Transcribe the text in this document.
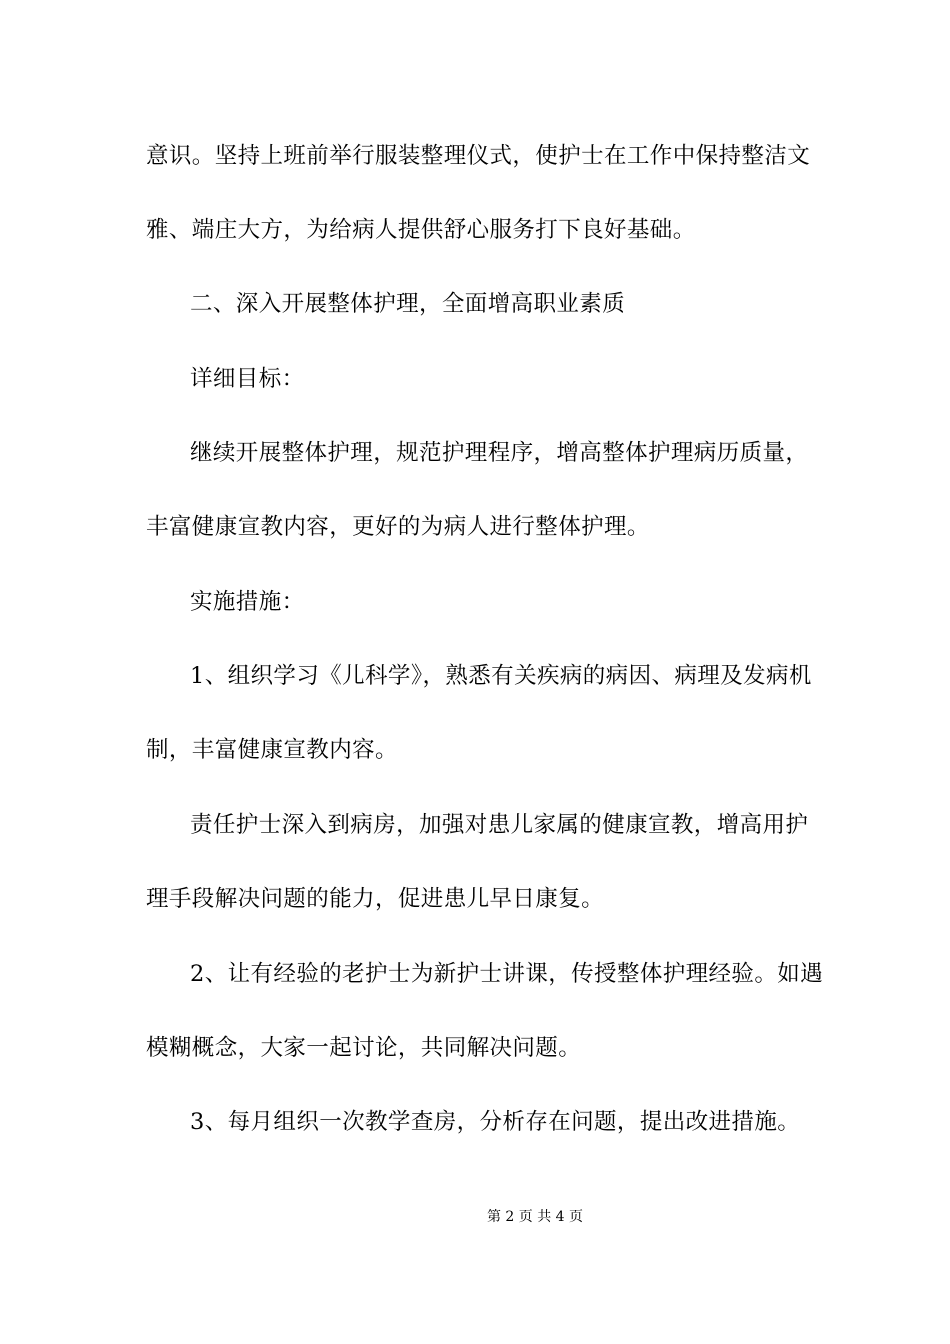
意识。坚持上班前举行服装整理仪式，使护士在工作中保持整洁文
雅、端庄大方，为给病人提供舒心服务打下良好基础。
二、深入开展整体护理，全面增高职业素质
详细目标：
继续开展整体护理，规范护理程序，增高整体护理病历质量，
丰富健康宣教内容，更好的为病人进行整体护理。
实施措施：
1、组织学习《儿科学》，熟悉有关疾病的病因、病理及发病机
制，丰富健康宣教内容。
责任护士深入到病房，加强对患儿家属的健康宣教，增高用护
理手段解决问题的能力，促进患儿早日康复。
2、让有经验的老护士为新护士讲课，传授整体护理经验。如遇
模糊概念，大家一起讨论，共同解决问题。
3、每月组织一次教学查房，分析存在问题，提出改进措施。
第 2 页 共 4 页
